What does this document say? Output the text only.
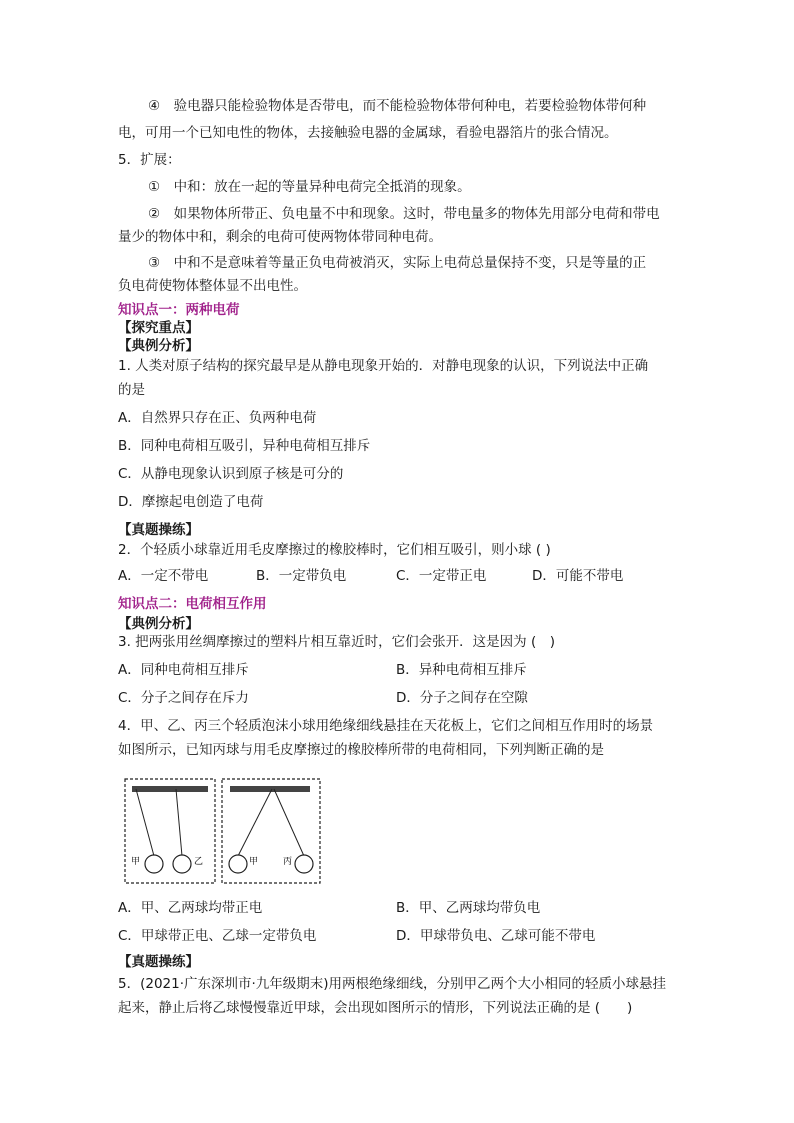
④　验电器只能检验物体是否带电，而不能检验物体带何种电，若要检验物体带何种
电，可用一个已知电性的物体，去接触验电器的金属球，看验电器箔片的张合情况。
5．扩展：
①　中和：放在一起的等量异种电荷完全抵消的现象。
②　如果物体所带正、负电量不中和现象。这时，带电量多的物体先用部分电荷和带电
量少的物体中和，剩余的电荷可使两物体带同种电荷。
③　中和不是意味着等量正负电荷被消灭，实际上电荷总量保持不变，只是等量的正
负电荷使物体整体显不出电性。
知识点一：两种电荷
【探究重点】
【典例分析】
1. 人类对原子结构的探究最早是从静电现象开始的．对静电现象的认识，下列说法中正确
的是
A．自然界只存在正、负两种电荷
B．同种电荷相互吸引，异种电荷相互排斥
C．从静电现象认识到原子核是可分的
D．摩擦起电创造了电荷
【真题操练】
2．个轻质小球靠近用毛皮摩擦过的橡胶棒时，它们相互吸引，则小球 ( )
A．一定不带电	B．一定带负电	C．一定带正电	D．可能不带电
知识点二：电荷相互作用
【典例分析】
3. 把两张用丝绸摩擦过的塑料片相互靠近时，它们会张开．这是因为 (　)
A．同种电荷相互排斥	B．异种电荷相互排斥
C．分子之间存在斥力	D．分子之间存在空隙
4．甲、乙、丙三个轻质泡沫小球用绝缘细线悬挂在天花板上，它们之间相互作用时的场景
如图所示，已知丙球与用毛皮摩擦过的橡胶棒所带的电荷相同，下列判断正确的是
甲	乙	甲	丙
A．甲、乙两球均带正电	B．甲、乙两球均带负电
C．甲球带正电、乙球一定带负电	D．甲球带负电、乙球可能不带电
【真题操练】
5．(2021·广东深圳市·九年级期末)用两根绝缘细线，分别甲乙两个大小相同的轻质小球悬挂
起来，静止后将乙球慢慢靠近甲球，会出现如图所示的情形，下列说法正确的是 (　　)
